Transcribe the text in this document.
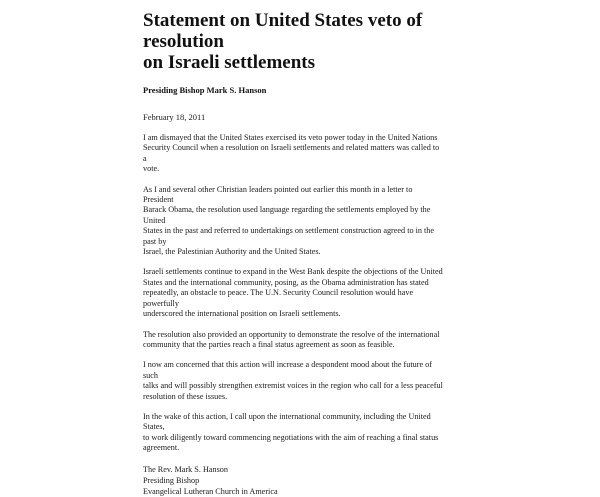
Statement on United States veto of resolution
on Israeli settlements

Presiding Bishop Mark S. Hanson

February 18, 2011

I am dismayed that the United States exercised its veto power today in the United Nations
Security Council when a resolution on Israeli settlements and related matters was called to a
vote.

As I and several other Christian leaders pointed out earlier this month in a letter to President
Barack Obama, the resolution used language regarding the settlements employed by the United
States in the past and referred to undertakings on settlement construction agreed to in the past by
Israel, the Palestinian Authority and the United States.

Israeli settlements continue to expand in the West Bank despite the objections of the United
States and the international community, posing, as the Obama administration has stated
repeatedly, an obstacle to peace. The U.N. Security Council resolution would have powerfully
underscored the international position on Israeli settlements.

The resolution also provided an opportunity to demonstrate the resolve of the international
community that the parties reach a final status agreement as soon as feasible.

I now am concerned that this action will increase a despondent mood about the future of such
talks and will possibly strengthen extremist voices in the region who call for a less peaceful
resolution of these issues.

In the wake of this action, I call upon the international community, including the United States,
to work diligently toward commencing negotiations with the aim of reaching a final status
agreement.

The Rev. Mark S. Hanson
Presiding Bishop
Evangelical Lutheran Church in America
